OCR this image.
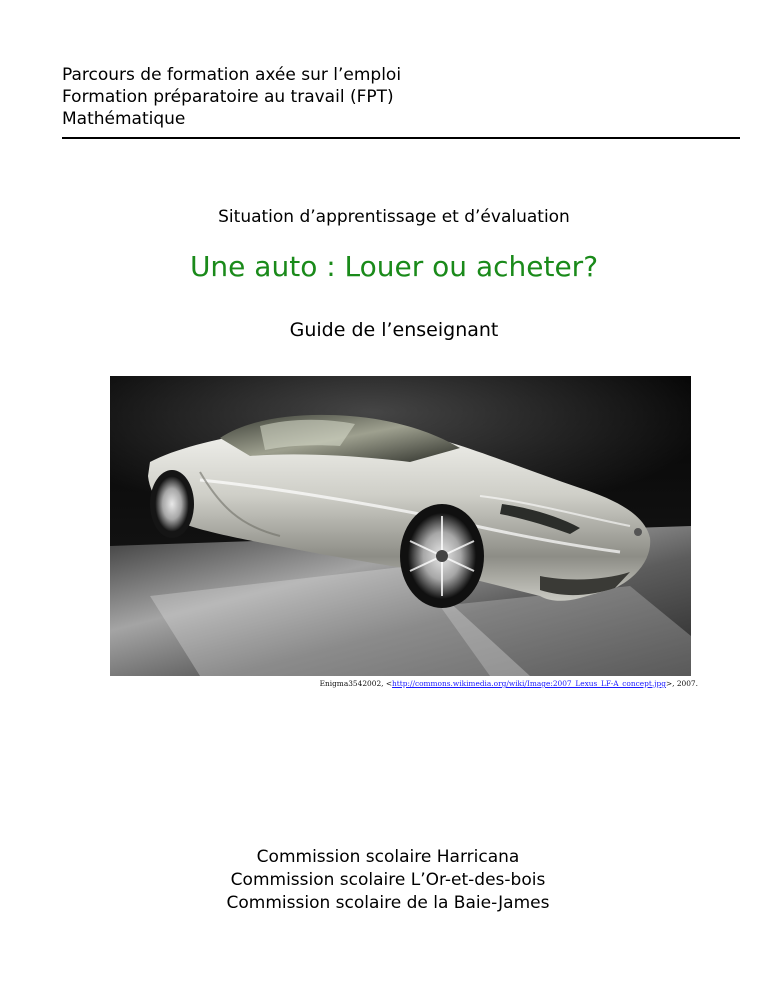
Parcours de formation axée sur l’emploi
Formation préparatoire au travail (FPT)
Mathématique
Situation d’apprentissage et d’évaluation
Une auto : Louer ou acheter?
Guide de l’enseignant
Enigma3542002, <http://commons.wikimedia.org/wiki/Image:2007_Lexus_LF-A_concept.jpg>, 2007.
Commission scolaire Harricana
Commission scolaire L’Or-et-des-bois
Commission scolaire de la Baie-James
